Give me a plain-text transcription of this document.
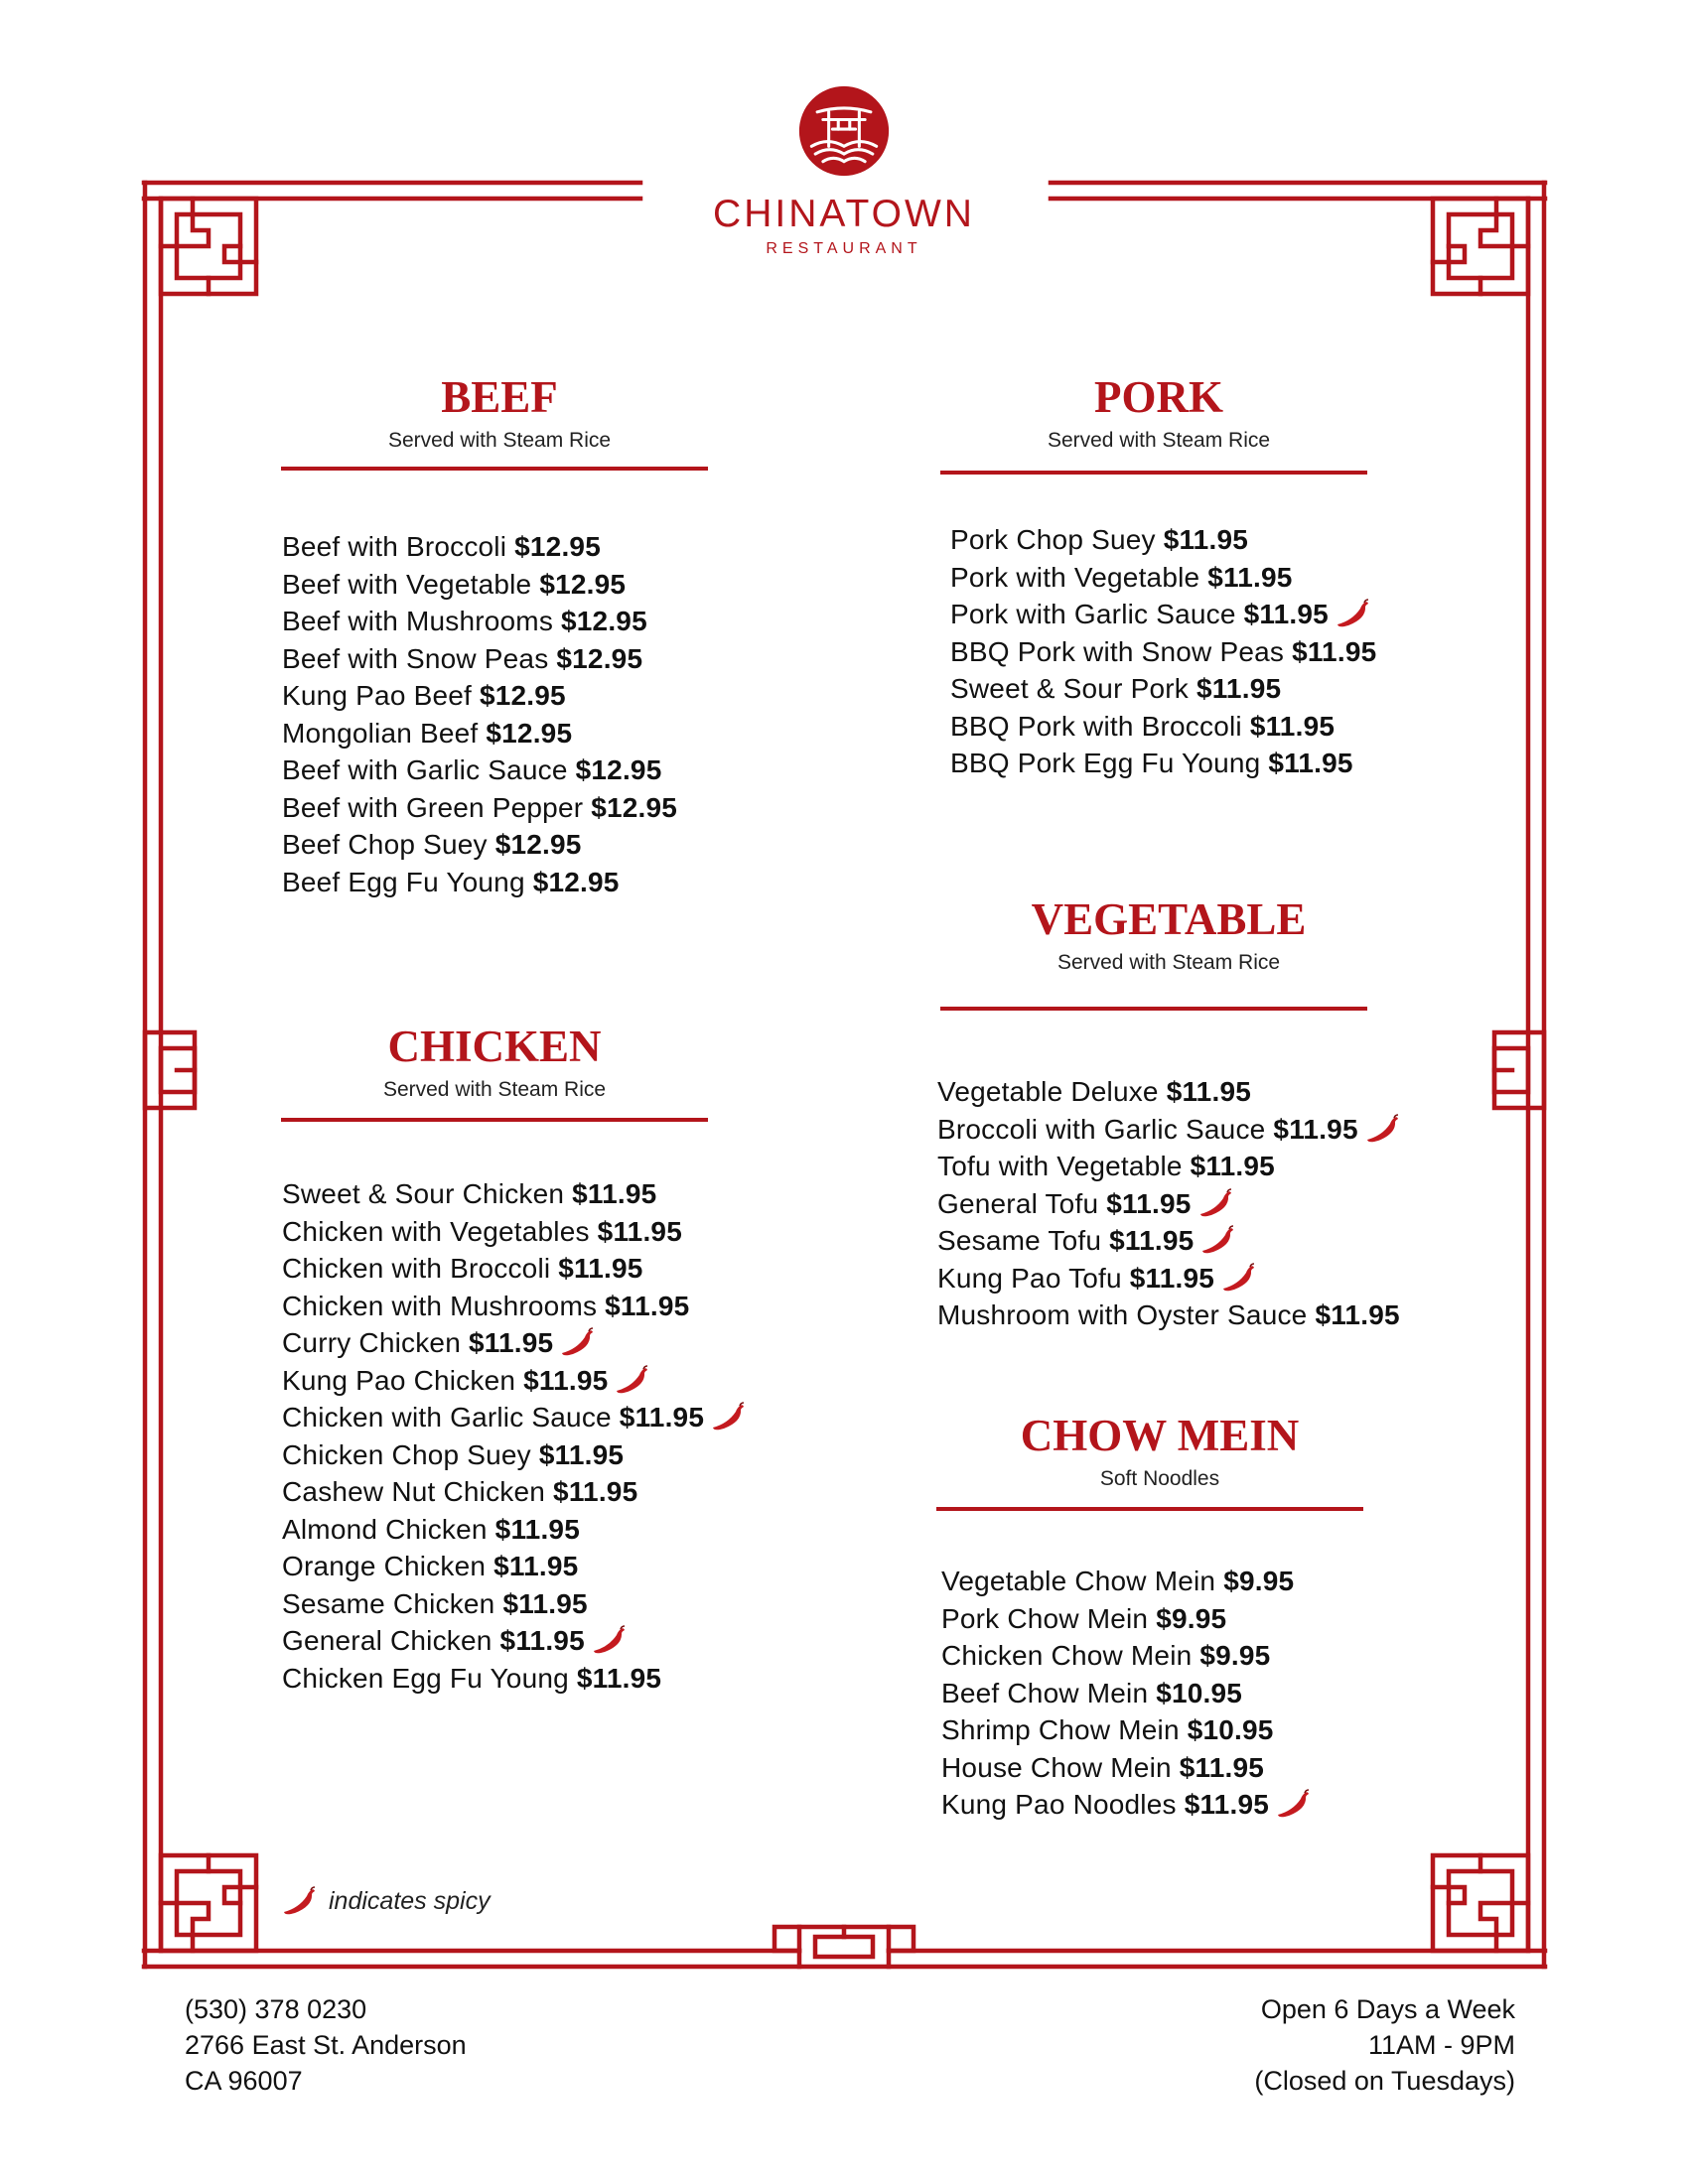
CHINATOWN
RESTAURANT
BEEF
Served with Steam Rice
Beef with Broccoli $12.95
Beef with Vegetable $12.95
Beef with Mushrooms $12.95
Beef with Snow Peas $12.95
Kung Pao Beef $12.95
Mongolian Beef $12.95
Beef with Garlic Sauce $12.95
Beef with Green Pepper $12.95
Beef Chop Suey $12.95
Beef Egg Fu Young $12.95
PORK
Served with Steam Rice
Pork Chop Suey $11.95
Pork with Vegetable $11.95
Pork with Garlic Sauce $11.95
BBQ Pork with Snow Peas $11.95
Sweet & Sour Pork $11.95
BBQ Pork with Broccoli $11.95
BBQ Pork Egg Fu Young $11.95
CHICKEN
Served with Steam Rice
Sweet & Sour Chicken $11.95
Chicken with Vegetables $11.95
Chicken with Broccoli $11.95
Chicken with Mushrooms $11.95
Curry Chicken $11.95
Kung Pao Chicken $11.95
Chicken with Garlic Sauce $11.95
Chicken Chop Suey $11.95
Cashew Nut Chicken $11.95
Almond Chicken $11.95
Orange Chicken $11.95
Sesame Chicken $11.95
General Chicken $11.95
Chicken Egg Fu Young $11.95
VEGETABLE
Served with Steam Rice
Vegetable Deluxe $11.95
Broccoli with Garlic Sauce $11.95
Tofu with Vegetable $11.95
General Tofu $11.95
Sesame Tofu $11.95
Kung Pao Tofu $11.95
Mushroom with Oyster Sauce $11.95
CHOW MEIN
Soft Noodles
Vegetable Chow Mein $9.95
Pork Chow Mein $9.95
Chicken Chow Mein $9.95
Beef Chow Mein $10.95
Shrimp Chow Mein $10.95
House Chow Mein $11.95
Kung Pao Noodles $11.95
indicates spicy
(530) 378 0230
2766 East St. Anderson
CA 96007
Open 6 Days a Week
11AM - 9PM
(Closed on Tuesdays)
